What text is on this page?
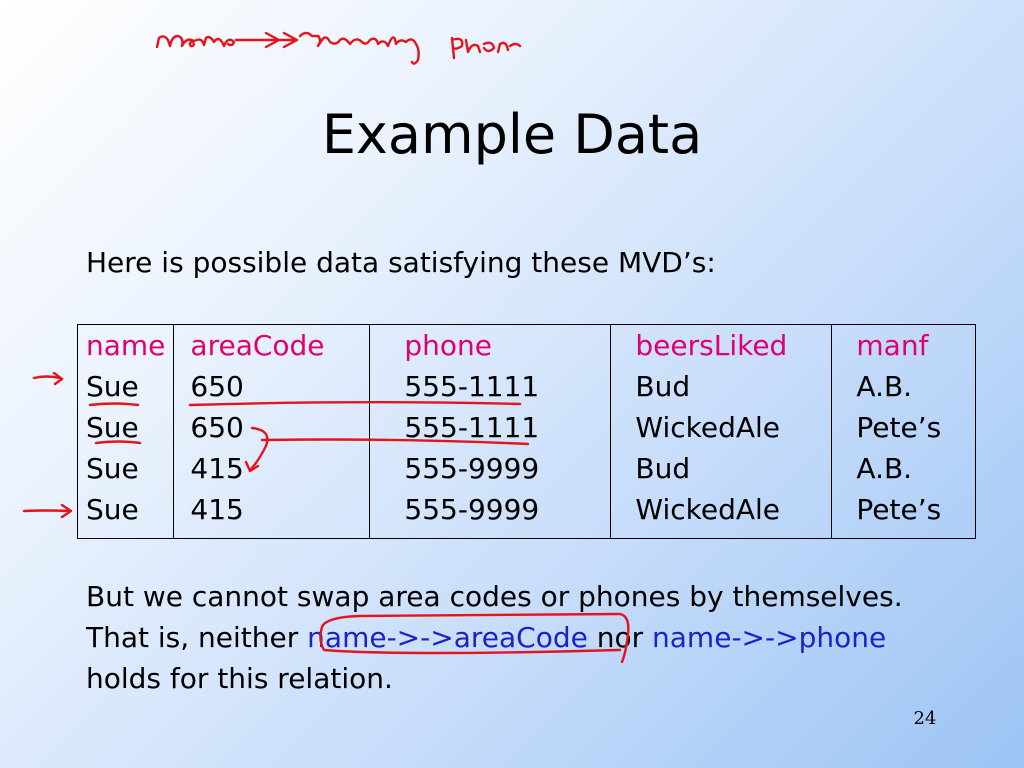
Example Data
Here is possible data satisfying these MVD’s:
name	areaCode	phone	beersLiked	manf
Sue	650	555-1111	Bud	A.B.
Sue	650	555-1111	WickedAle	Pete’s
Sue	415	555-9999	Bud	A.B.
Sue	415	555-9999	WickedAle	Pete’s
But we cannot swap area codes or phones by themselves.
That is, neither name->->areaCode nor name->->phone
holds for this relation.
24
